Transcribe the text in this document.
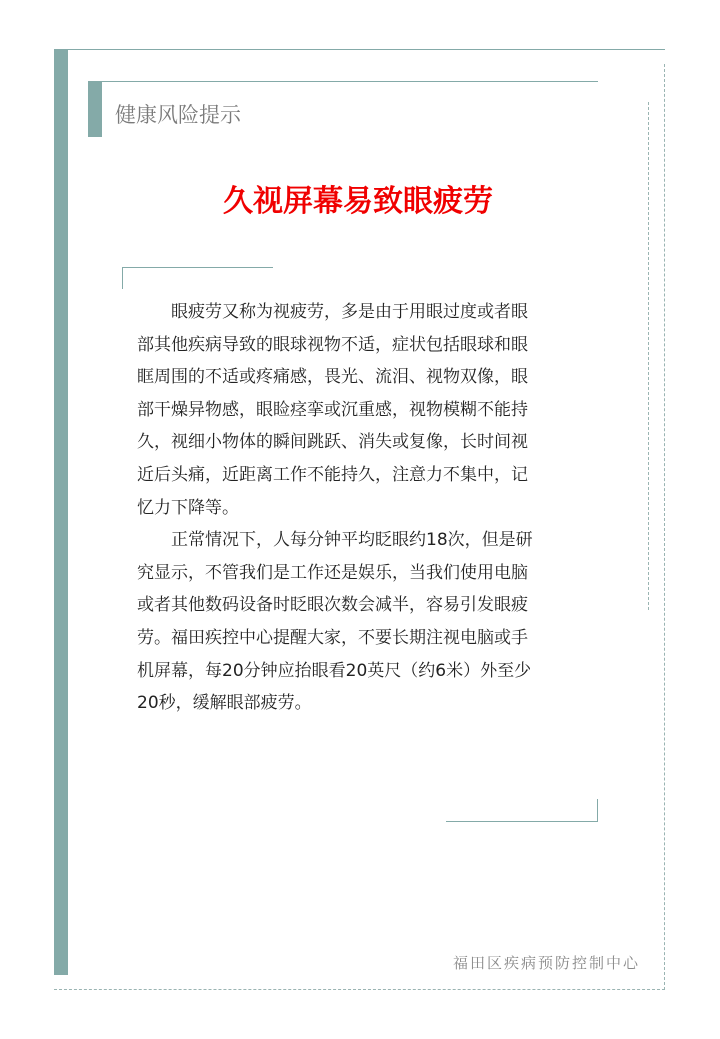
健康风险提示
久视屏幕易致眼疲劳
　　眼疲劳又称为视疲劳，多是由于用眼过度或者眼
部其他疾病导致的眼球视物不适，症状包括眼球和眼
眶周围的不适或疼痛感，畏光、流泪、视物双像，眼
部干燥异物感，眼睑痉挛或沉重感，视物模糊不能持
久，视细小物体的瞬间跳跃、消失或复像，长时间视
近后头痛，近距离工作不能持久，注意力不集中，记
忆力下降等。
　　正常情况下，人每分钟平均眨眼约18次，但是研
究显示，不管我们是工作还是娱乐，当我们使用电脑
或者其他数码设备时眨眼次数会减半，容易引发眼疲
劳。福田疾控中心提醒大家，不要长期注视电脑或手
机屏幕，每20分钟应抬眼看20英尺（约6米）外至少
20秒，缓解眼部疲劳。
福田区疾病预防控制中心
